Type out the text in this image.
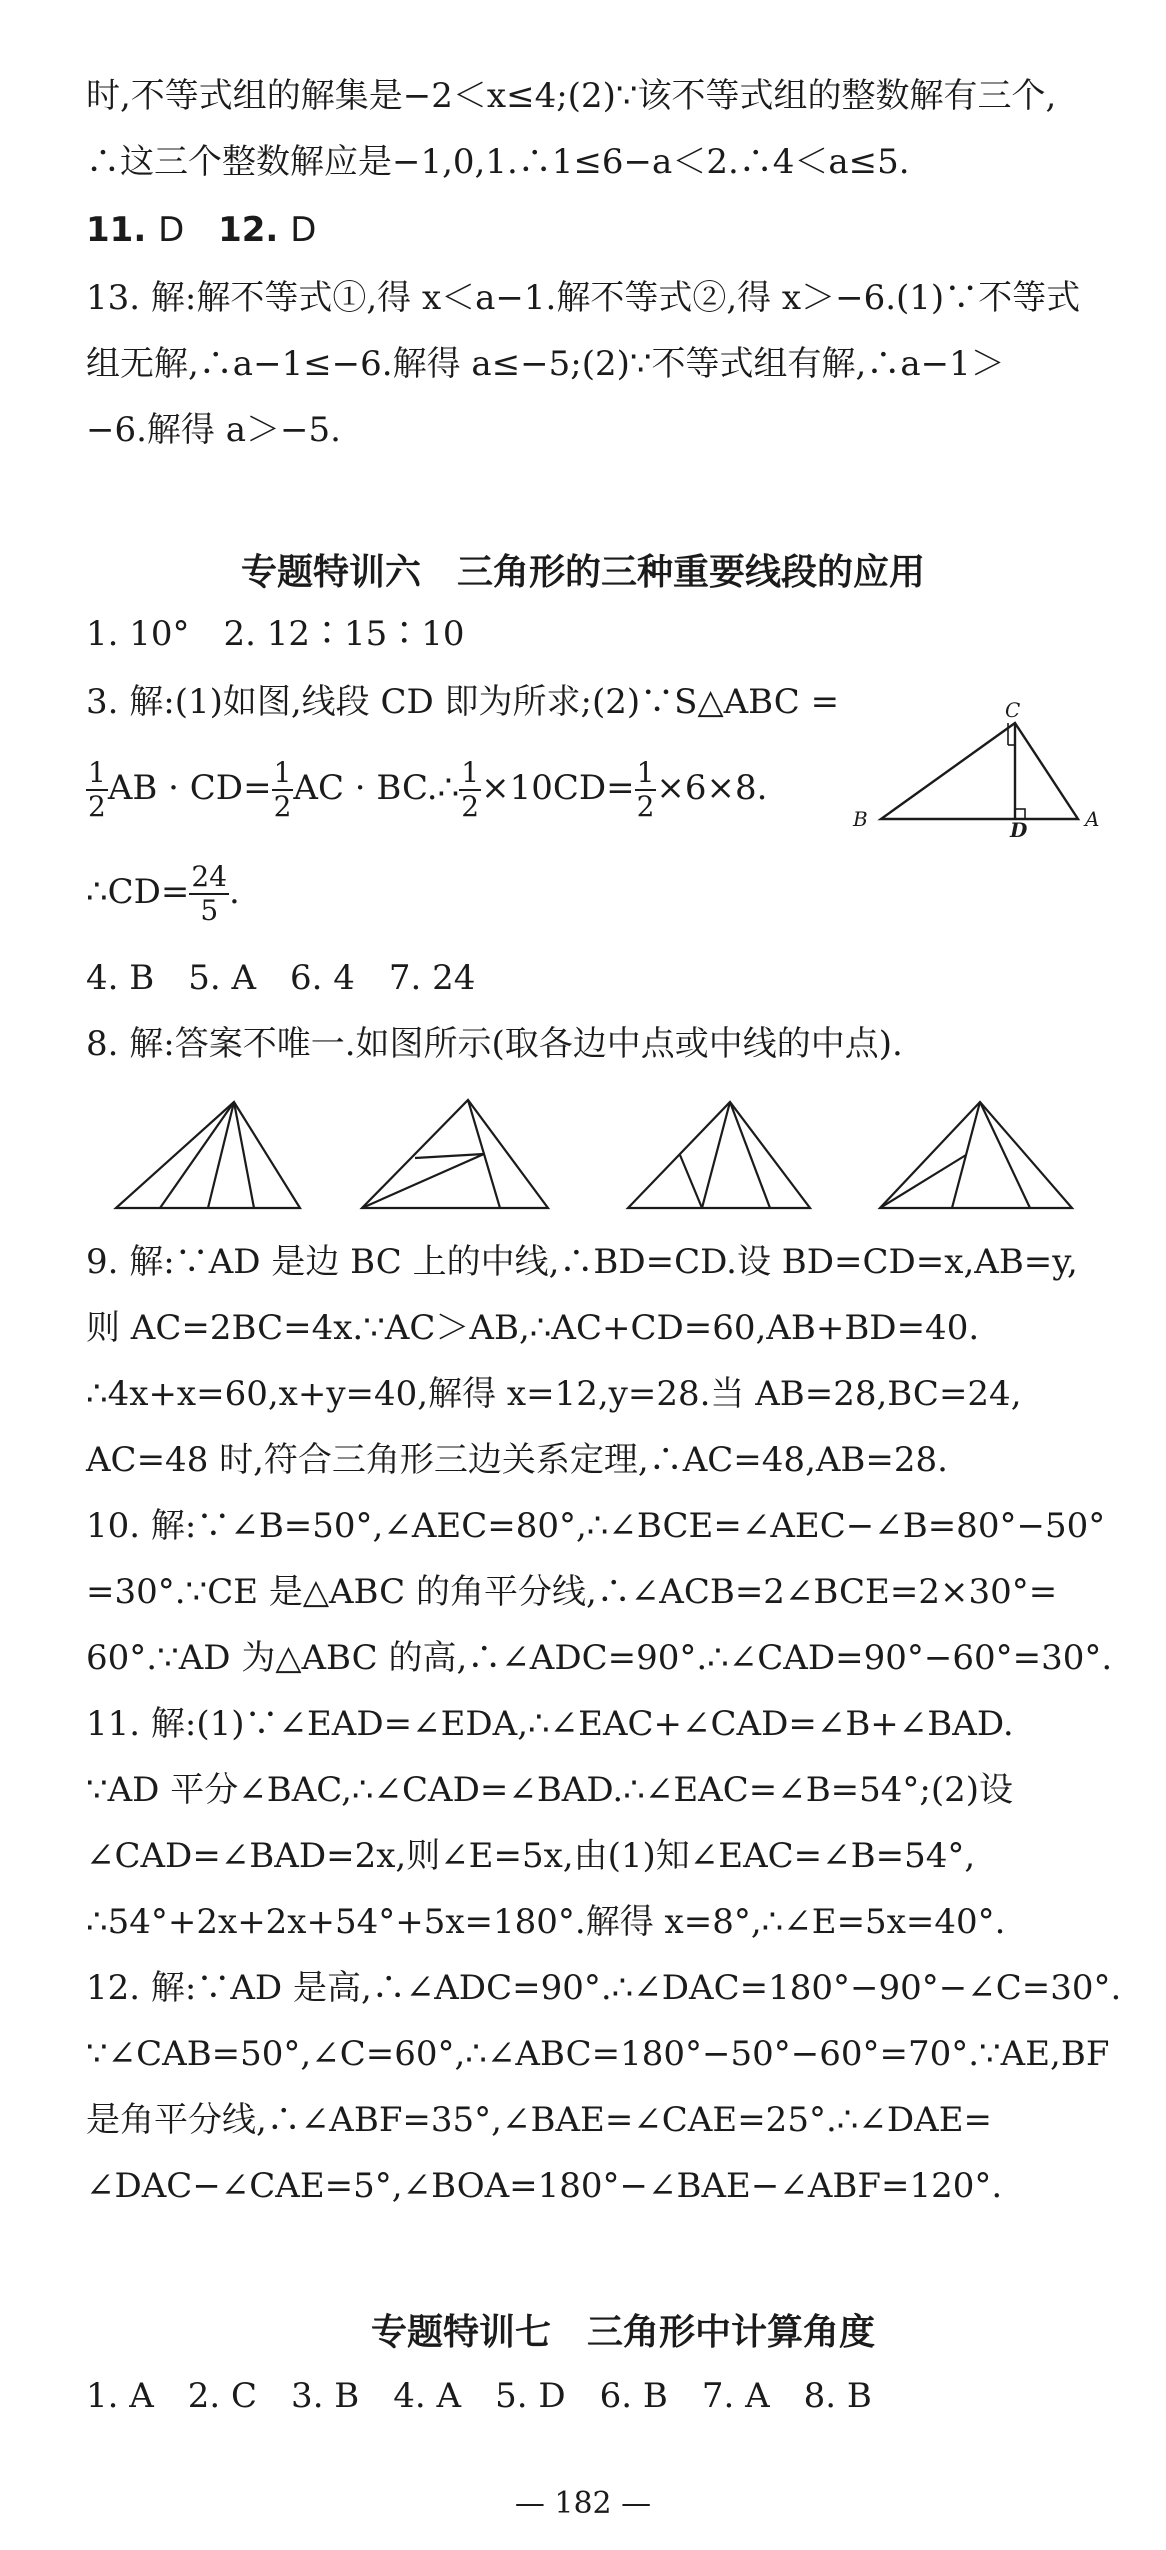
时,不等式组的解集是−2＜x≤4;(2)∵该不等式组的整数解有三个,
∴这三个整数解应是−1,0,1.∴1≤6−a＜2.∴4＜a≤5.
11. D 12. D
13. 解:解不等式①,得 x＜a−1.解不等式②,得 x＞−6.(1)∵不等式
组无解,∴a−1≤−6.解得 a≤−5;(2)∵不等式组有解,∴a−1＞
−6.解得 a＞−5.
专题特训六　三角形的三种重要线段的应用
1. 10°　2. 12∶15∶10
3. 解:(1)如图,线段 CD 即为所求;(2)∵S△ABC =
$\frac{1}{2}$ AB · $CD= \frac{1}{2}$ AC · BC.∴ $\frac{1}{2} \times 10CD= \frac{1}{2} \times 6\times 8$.
∴CD= $\frac{24}{5}$ .
C
B	A
D
4. B　5. A　6. 4　7. 24
8. 解:答案不唯一.如图所示(取各边中点或中线的中点).
9. 解:∵AD 是边 BC 上的中线,∴BD=CD.设 BD=CD=x,AB=y,
则 AC=2BC=4x.∵AC＞AB,∴AC+CD=60,AB+BD=40.
∴4x+x=60,x+y=40,解得 x=12,y=28.当 AB=28,BC=24,
AC=48 时,符合三角形三边关系定理,∴AC=48,AB=28.
10. 解:∵∠B=50°,∠AEC=80°,∴∠BCE=∠AEC−∠B=80°−50°
=30°.∵CE 是△ABC 的角平分线,∴∠ACB=2∠BCE=2×30°=
60°.∵AD 为△ABC 的高,∴∠ADC=90°.∴∠CAD=90°−60°=30°.
11. 解:(1)∵∠EAD=∠EDA,∴∠EAC+∠CAD=∠B+∠BAD.
∵AD 平分∠BAC,∴∠CAD=∠BAD.∴∠EAC=∠B=54°;(2)设
∠CAD=∠BAD=2x,则∠E=5x,由(1)知∠EAC=∠B=54°,
∴54°+2x+2x+54°+5x=180°.解得 x=8°,∴∠E=5x=40°.
12. 解:∵AD 是高,∴∠ADC=90°.∴∠DAC=180°−90°−∠C=30°.
∵∠CAB=50°,∠C=60°,∴∠ABC=180°−50°−60°=70°.∵AE,BF
是角平分线,∴∠ABF=35°,∠BAE=∠CAE=25°.∴∠DAE=
∠DAC−∠CAE=5°,∠BOA=180°−∠BAE−∠ABF=120°.
专题特训七　三角形中计算角度
1. A　2. C　3. B　4. A　5. D　6. B　7. A　8. B
— 182 —
